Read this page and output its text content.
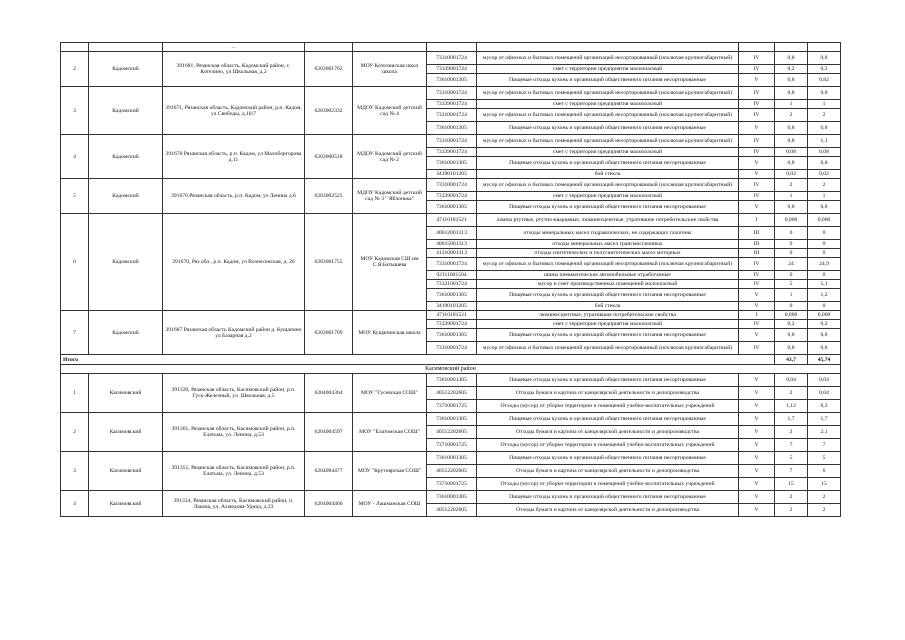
		...							
2	Кадомский	391681, Рязанская область, Кадомский район, с. Котелино, ул Школьная, д.2	6203001762	МОУ Котелинская школ школа	73310001724	мусор от офисных и бытовых помещений организаций несортированный (исключая крупногабаритный)	IV	0,8	0,8
					73339001724	смет с территории предприятия малоопасный	IV	0,2	0,2
					73610001305	Пищевые отходы кухонь и организаций общественного питания несортированные	V	0,8	0,82
3	Кадомский	391671, Рязанская область, Кадомский район, р.п. Кадом, ул Свободы, д.10/7	6203002332	МДОУ Кадомский детский сад № 4	73310001724	мусор от офисных и бытовых помещений организаций несортированный (исключая крупногабаритный)	IV	0,8	0,8
					73339001724	смет с территории предприятия малоопасный	IV	1	1
					73310001724	мусор от офисных и бытовых помещений организаций несортированный (исключая крупногабаритный)	IV	2	2
					73610001305	Пищевые отходы кухонь и организаций общественного питания несортированные	V	0,8	0,8
4	Кадомский	391670 Рязанская область, р.п. Кадом, ул Малоборгорова д.11	6203000518	МДОУ Кадомский детский сад № 2	73310001724	мусор от офисных и бытовых помещений организаций несортированный (исключая крупногабаритный)	IV	0,8	1,1
					73339001724	смет с территории предприятия малоопасный	IV	0,08	0,08
					73610001305	Пищевые отходы кухонь и организаций общественного питания несортированные	V	0,8	0,8
					34190101205	бой стекла	V	0,02	0,02
5	Кадомский	391670 Рязанская область, р.п. Кадом, ул Ленина д.6	6203002525	МДОУ Кадомский детский сад № 3 " Яблонька"	73310001724	мусор от офисных и бытовых помещений организаций несортированный (исключая крупногабаритный)	IV	2	2
					73339001724	смет с территории предприятия малоопасный	IV	1	1
					73610001305	Пищевые отходы кухонь и организаций общественного питания несортированные	V	0,8	0,8
6	Кадомский	391670, Ряз обл., р.п. Кадом, ул Вознесенская, д. 26	6203001755	МОУ Кадомская СШ им С.Я.Батышева	47110101521	лампы ртутные, ртутно-кварцевые, люминесцентные, утратившие потребительские свойства	I	0,000	0,000
					40612001313	отходы минеральных масел гидравлических, не содержащих галогены	III	0	0
					40615001313	отходы минеральных масел трансмиссионных	III	0	0
					41310001313	отходы синтетических и полусинтетических масел моторных	III	0	0
					73310001724	мусор от офисных и бытовых помещений организаций несортированный (исключая крупногабаритный)	IV	24	24,9
					92111001504	шины пневматические автомобильные отработанные	IV	0	0
					73321001724	мусор и смет производственных помещений малоопасный	IV	5	5,1
					73610001305	Пищевые отходы кухонь и организаций общественного питания несортированные	V	1	1,2
					34190101205	бой стекла	V	0	0
7	Кадомский	391687 Рязанская область Кадомский район д. Кущапино ул Базарная д.2	6203001709	МОУ Кущапинская школа	47110101521	люминесцентные, утратившие потребительские свойства	I	0,000	0,000
					73339001724	смет с территории предприятия малоопасный	IV	0,2	0,2
					73610001305	Пищевые отходы кухонь и организаций общественного питания несортированные	V	0,8	0,8
					73310001724	мусор от офисных и бытовых помещений организаций несортированный (исключая крупногабаритный)	IV	0,8	0,8
Итого								43,7	45,74
Касимовский район									
1	Касимовский	391320, Рязанская область, Касимовский район, р.п. Гусь-Железный, ул. Школьная, д.5	6204004364	МОУ "Гусевская СОШ"	73610001305	Пищевые отходы кухонь и организаций общественного питания несортированные	V	0,04	0,04
					40512202605	Отходы бумаги и картона от канцелярской деятельности и делопроизводства	V	2	0,04
					73710001725	Отходы (мусор) от уборки территории и помещений учебно-воспитательных учреждений	V	1,12	0,3
2	Касимовский	391361, Рязанская область, Касимовский район, р.п. Елатьма, ул. Ленина, д.53	6204004597	МОУ "Елатомская СОШ"	73610001305	Пищевые отходы кухонь и организаций общественного питания несортированные	V	1,7	1,7
					40512202605	Отходы бумаги и картона от канцелярской деятельности и делопроизводства	V	2	2,1
					73710001725	Отходы (мусор) от уборки территории и помещений учебно-воспитательных учреждений	V	7	7
3	Касимовский	391351, Рязанская область, Касимовский район, р.п. Елатьма, ул. Ленина, д.53	6204004477	МОУ "Крутоярская СОШ"	73610001305	Пищевые отходы кухонь и организаций общественного питания несортированные	V	5	5
					40512202605	Отходы бумаги и картона от канцелярской деятельности и делопроизводства	V	7	6
					73710001725	Отходы (мусор) от уборки территории и помещений учебно-воспитательных учреждений	V	15	15
4	Касимовский	391334, Рязанская область, Касимовский район, п. Лашма, ул. Ахмедова-Удица, д.23	6204004460	МОУ - Лашманская СОШ	73610001305	Пищевые отходы кухонь и организаций общественного питания несортированные	V	2	2
					40512202605	Отходы бумаги и картона от канцелярской деятельности и делопроизводства	V	2	2
